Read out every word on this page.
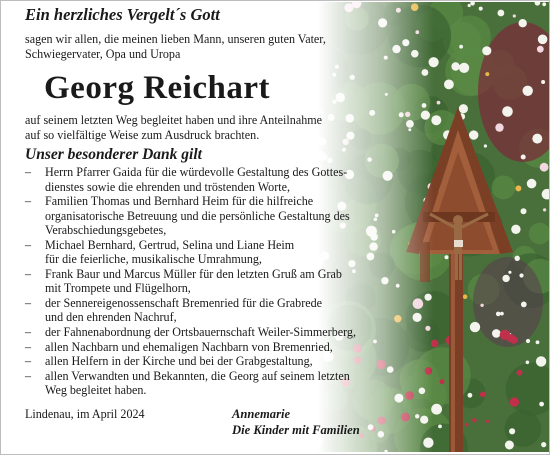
Ein herzliches Vergelt´s Gott
sagen wir allen, die meinen lieben Mann, unseren guten Vater,
Schwiegervater, Opa und Uropa
Georg Reichart
auf seinem letzten Weg begleitet haben und ihre Anteilnahme
auf so vielfältige Weise zum Ausdruck brachten.
Unser besonderer Dank gilt
– Herrn Pfarrer Gaida für die würdevolle Gestaltung des Gottes-
dienstes sowie die ehrenden und tröstenden Worte,
– Familien Thomas und Bernhard Heim für die hilfreiche
organisatorische Betreuung und die persönliche Gestaltung des
Verabschiedungsgebetes,
– Michael Bernhard, Gertrud, Selina und Liane Heim
für die feierliche, musikalische Umrahmung,
– Frank Baur und Marcus Müller für den letzten Gruß am Grab
mit Trompete und Flügelhorn,
– der Sennereigenossenschaft Bremenried für die Grabrede
und den ehrenden Nachruf,
– der Fahnenabordnung der Ortsbauernschaft Weiler-Simmerberg,
– allen Nachbarn und ehemaligen Nachbarn von Bremenried,
– allen Helfern in der Kirche und bei der Grabgestaltung,
– allen Verwandten und Bekannten, die Georg auf seinem letzten
Weg begleitet haben.
Lindenau, im April 2024	Annemarie
Die Kinder mit Familien
